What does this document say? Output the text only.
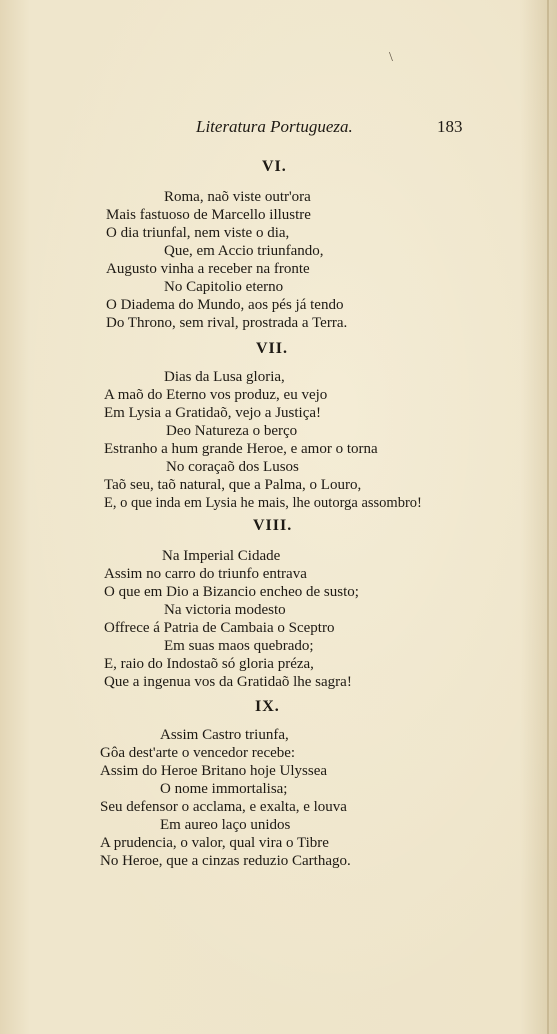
\
Literatura Portugueza.	183
VI.
Roma, naõ viste outr'ora
Mais fastuoso de Marcello illustre
O dia triunfal, nem viste o dia,
Que, em Accio triunfando,
Augusto vinha a receber na fronte
No Capitolio eterno
O Diadema do Mundo, aos pés já tendo
Do Throno, sem rival, prostrada a Terra.
VII.
Dias da Lusa gloria,
A maõ do Eterno vos produz, eu vejo
Em Lysia a Gratidaõ, vejo a Justiça!
Deo Natureza o berço
Estranho a hum grande Heroe, e amor o torna
No coraçaõ dos Lusos
Taõ seu, taõ natural, que a Palma, o Louro,
E, o que inda em Lysia he mais, lhe outorga assombro!
VIII.
Na Imperial Cidade
Assim no carro do triunfo entrava
O que em Dio a Bizancio encheo de susto;
Na victoria modesto
Offrece á Patria de Cambaia o Sceptro
Em suas maos quebrado;
E, raio do Indostaõ só gloria préza,
Que a ingenua vos da Gratidaõ lhe sagra!
IX.
Assim Castro triunfa,
Gôa dest'arte o vencedor recebe:
Assim do Heroe Britano hoje Ulyssea
O nome immortalisa;
Seu defensor o acclama, e exalta, e louva
Em aureo laço unidos
A prudencia, o valor, qual vira o Tibre
No Heroe, que a cinzas reduzio Carthago.
